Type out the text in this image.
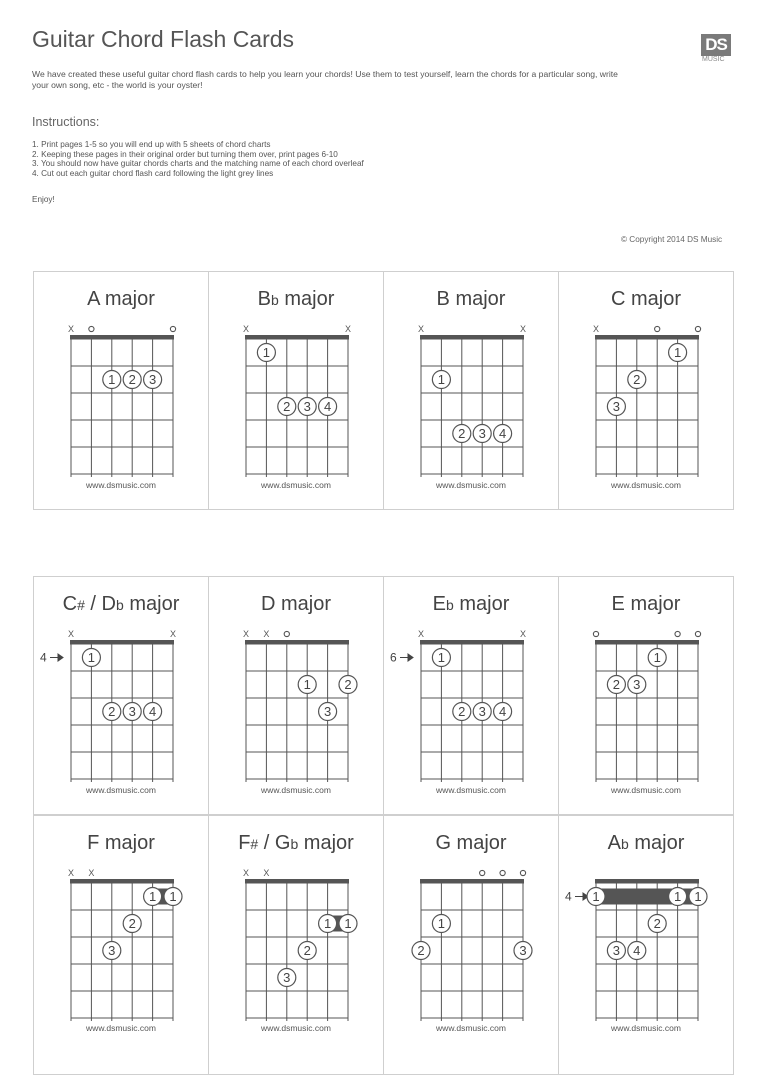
Guitar Chord Flash Cards	DS
MUSIC
We have created these useful guitar chord flash cards to help you learn your chords! Use them to test yourself, learn the chords for a particular song, write
your own song, etc - the world is your oyster!
Instructions:
1. Print pages 1-5 so you will end up with 5 sheets of chord charts
2. Keeping these pages in their original order but turning them over, print pages 6-10
3. You should now have guitar chords charts and the matching name of each chord overleaf
4. Cut out each guitar chord flash card following the light grey lines
Enjoy!
© Copyright 2014 DS Music
A major
X
1 2 3
www.dsmusic.com
Bb major
X	X
1
2 3 4
www.dsmusic.com
B major
X	X
1
2 3 4
www.dsmusic.com
C major
X
1
2
3
www.dsmusic.com
C# / Db major
X	X
4	1
2 3 4
www.dsmusic.com
D major
X X
1	2
3
www.dsmusic.com
Eb major
X	X
6	1
2 3 4
www.dsmusic.com
E major
1
2 3
www.dsmusic.com
F major
X X
1 1
2
3
www.dsmusic.com
F# / Gb major
X X
1 1
2
3
www.dsmusic.com
G major
1
2	3
www.dsmusic.com
Ab major
4 1	1 1
2
3 4
www.dsmusic.com
